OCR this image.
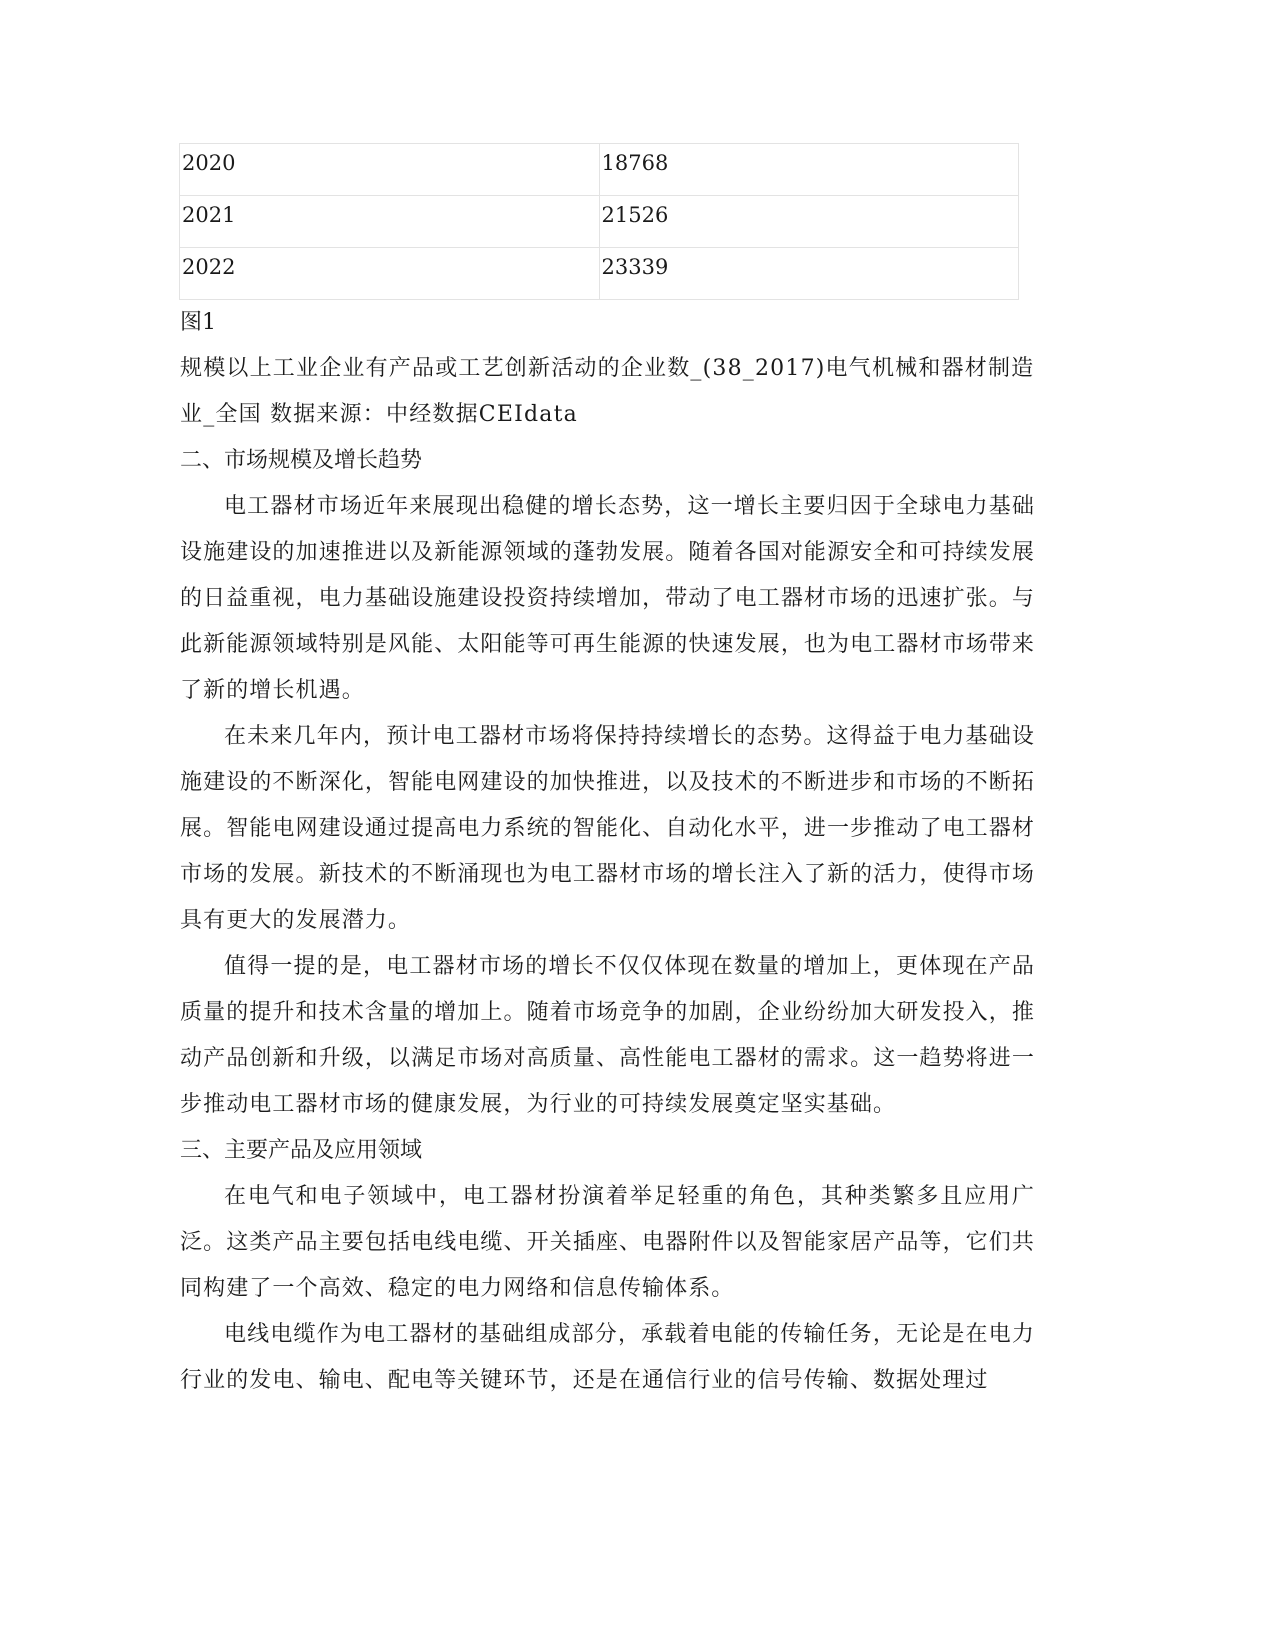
2020	18768
2021	21526
2022	23339

图1

规模以上工业企业有产品或工艺创新活动的企业数_(38_2017)电气机械和器材制造业_全国 数据来源：中经数据CEIdata

二、市场规模及增长趋势

电工器材市场近年来展现出稳健的增长态势，这一增长主要归因于全球电力基础设施建设的加速推进以及新能源领域的蓬勃发展。随着各国对能源安全和可持续发展的日益重视，电力基础设施建设投资持续增加，带动了电工器材市场的迅速扩张。与此新能源领域特别是风能、太阳能等可再生能源的快速发展，也为电工器材市场带来了新的增长机遇。

在未来几年内，预计电工器材市场将保持持续增长的态势。这得益于电力基础设施建设的不断深化，智能电网建设的加快推进，以及技术的不断进步和市场的不断拓展。智能电网建设通过提高电力系统的智能化、自动化水平，进一步推动了电工器材市场的发展。新技术的不断涌现也为电工器材市场的增长注入了新的活力，使得市场具有更大的发展潜力。

值得一提的是，电工器材市场的增长不仅仅体现在数量的增加上，更体现在产品质量的提升和技术含量的增加上。随着市场竞争的加剧，企业纷纷加大研发投入，推动产品创新和升级，以满足市场对高质量、高性能电工器材的需求。这一趋势将进一步推动电工器材市场的健康发展，为行业的可持续发展奠定坚实基础。

三、主要产品及应用领域

在电气和电子领域中，电工器材扮演着举足轻重的角色，其种类繁多且应用广泛。这类产品主要包括电线电缆、开关插座、电器附件以及智能家居产品等，它们共同构建了一个高效、稳定的电力网络和信息传输体系。

电线电缆作为电工器材的基础组成部分，承载着电能的传输任务，无论是在电力行业的发电、输电、配电等关键环节，还是在通信行业的信号传输、数据处理过
